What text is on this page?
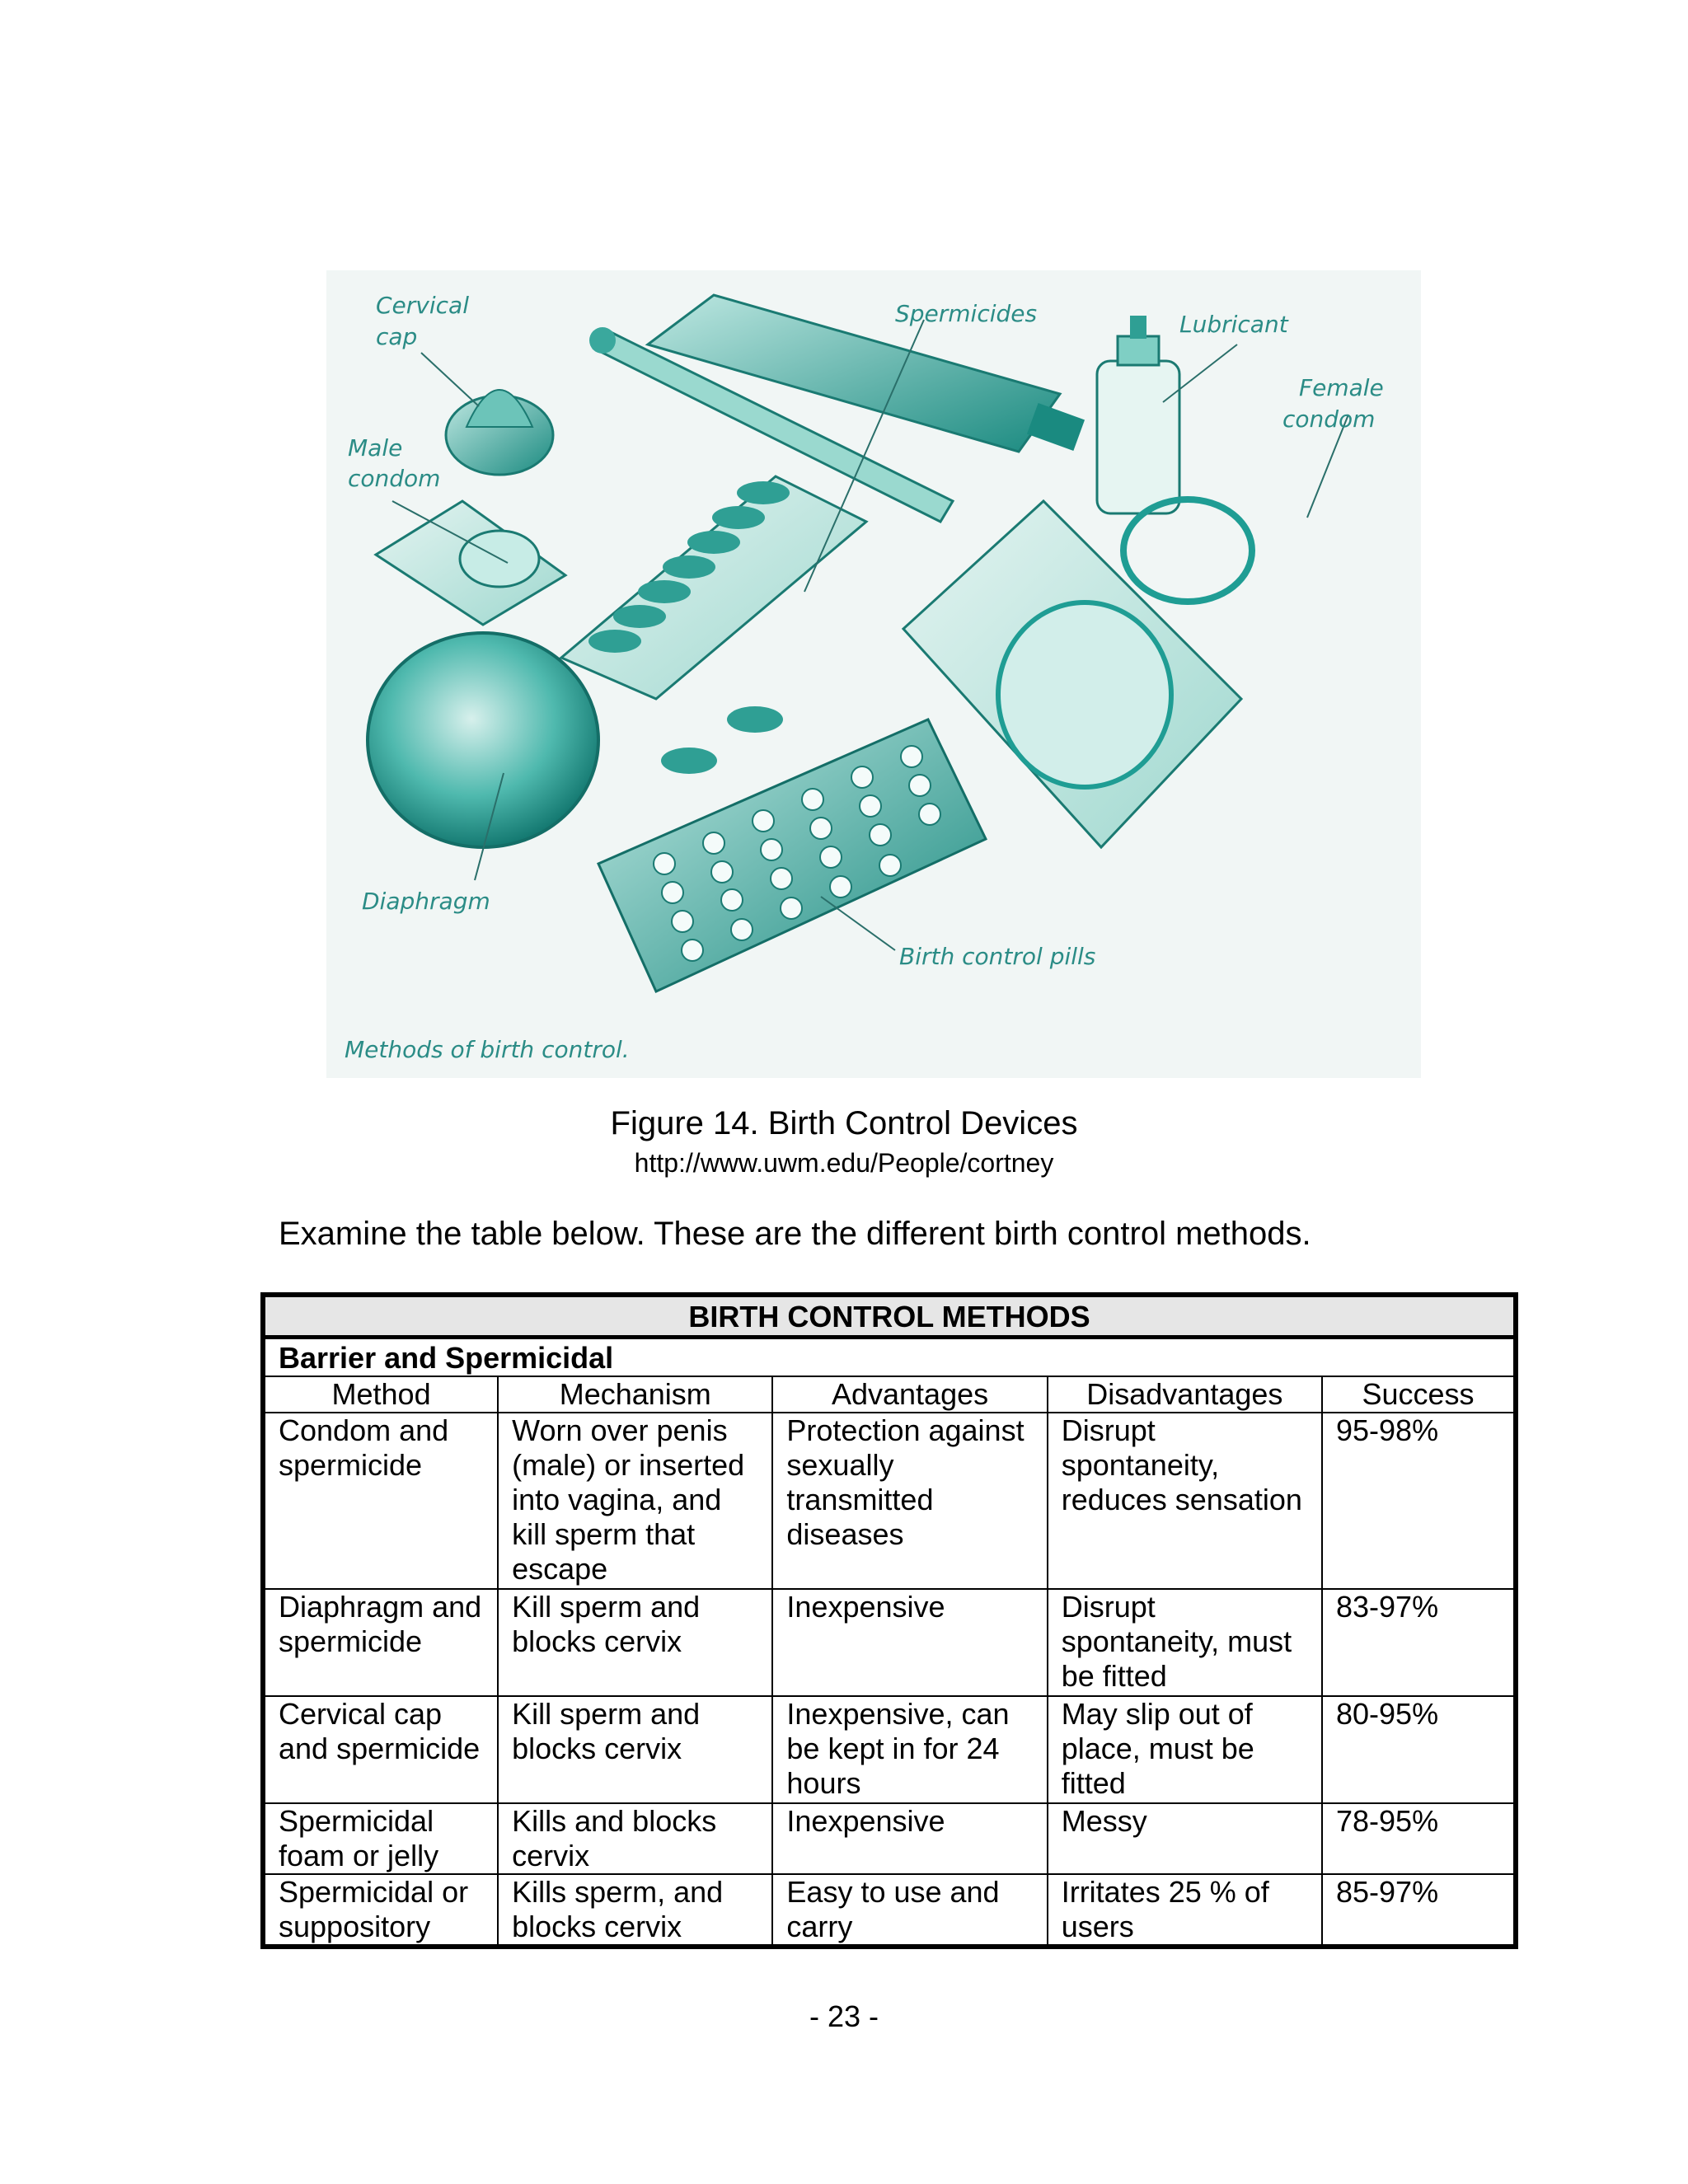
Cervical
cap
Male
condom
Spermicides	Lubricant
Female
condom
Diaphragm
Birth control pills
Methods of birth control.
Figure 14. Birth Control Devices
http://www.uwm.edu/People/cortney
Examine the table below. These are the different birth control methods.
BIRTH CONTROL METHODS				
Barrier and Spermicidal				
Method	Mechanism	Advantages	Disadvantages	Success
Condom and spermicide	Worn over penis (male) or inserted into vagina, and kill sperm that escape	Protection against sexually transmitted diseases	Disrupt spontaneity, reduces sensation	95-98%
Diaphragm and spermicide	Kill sperm and blocks cervix	Inexpensive	Disrupt spontaneity, must be fitted	83-97%
Cervical cap and spermicide	Kill sperm and blocks cervix	Inexpensive, can be kept in for 24 hours	May slip out of place, must be fitted	80-95%
Spermicidal foam or jelly	Kills and blocks cervix	Inexpensive	Messy	78-95%
Spermicidal or suppository	Kills sperm, and blocks cervix	Easy to use and carry	Irritates 25 % of users	85-97%
- 23 -
